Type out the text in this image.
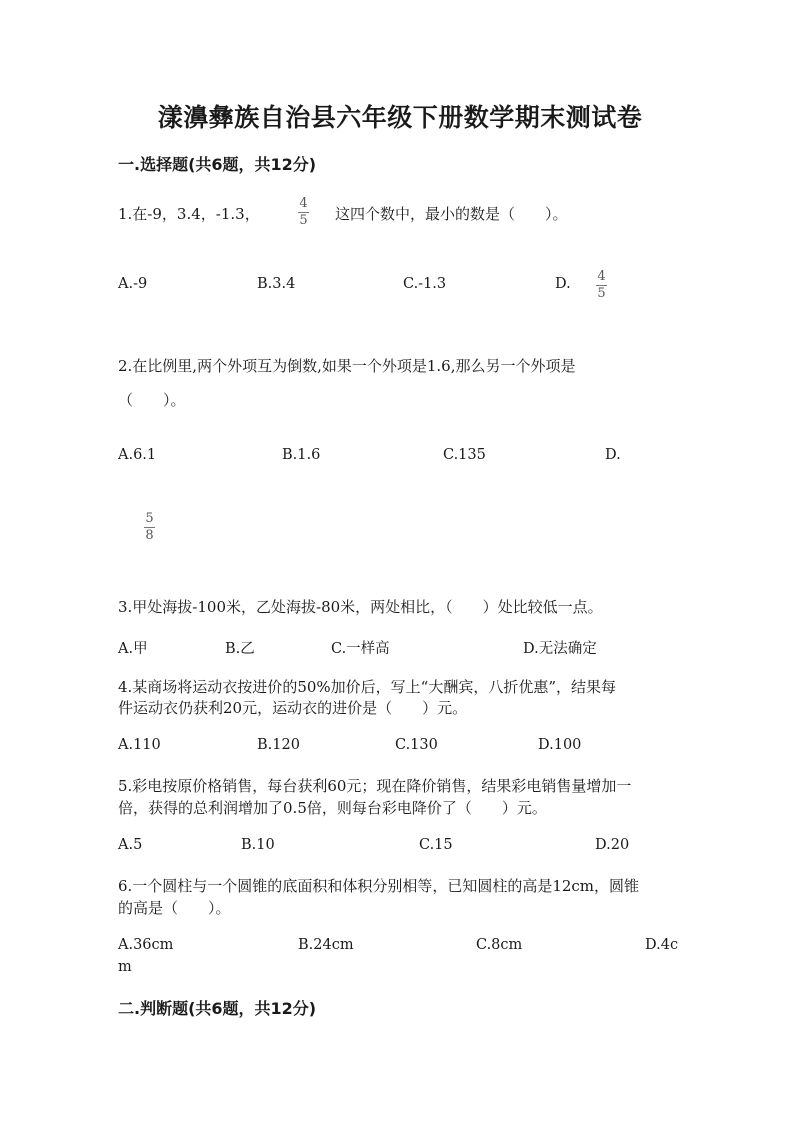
漾濞彝族自治县六年级下册数学期末测试卷
一.选择题(共6题，共12分)
1.在-9，3.4，-1.3，
4
5 这四个数中，最小的数是（　　）。
A.-9	B.3.4	C.-1.3	D. 4
5
2.在比例里,两个外项互为倒数,如果一个外项是1.6,那么另一个外项是
（　　）。
A.6.1	B.1.6	C.135	D.
5
8
3.甲处海拔-100米，乙处海拔-80米，两处相比，（　　）处比较低一点。
A.甲	B.乙	C.一样高	D.无法确定
4.某商场将运动衣按进价的50%加价后，写上“大酬宾，八折优惠”，结果每
件运动衣仍获利20元，运动衣的进价是（　　）元。
A.110	B.120	C.130	D.100
5.彩电按原价格销售，每台获利60元；现在降价销售，结果彩电销售量增加一
倍，获得的总利润增加了0.5倍，则每台彩电降价了（　　）元。
A.5	B.10	C.15	D.20
6.一个圆柱与一个圆锥的底面积和体积分别相等，已知圆柱的高是12cm，圆锥
的高是（　　）。
A.36cm	B.24cm	C.8cm	D.4c
m
二.判断题(共6题，共12分)
